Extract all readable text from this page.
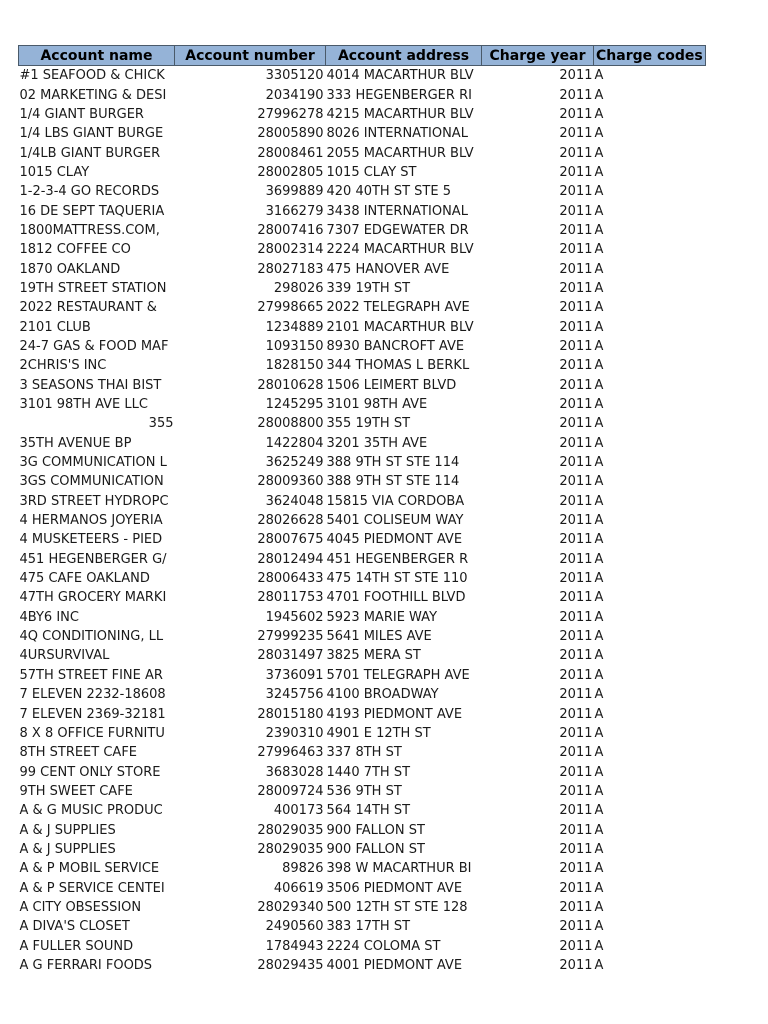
Account name	Account number	Account address	Charge year	Charge codes
#1 SEAFOOD & CHICK	3305120	4014 MACARTHUR BLV	2011	A
02 MARKETING & DESI	2034190	333 HEGENBERGER RI	2011	A
1/4 GIANT BURGER	27996278	4215 MACARTHUR BLV	2011	A
1/4 LBS GIANT BURGE	28005890	8026 INTERNATIONAL	2011	A
1/4LB GIANT BURGER	28008461	2055 MACARTHUR BLV	2011	A
1015 CLAY	28002805	1015 CLAY ST	2011	A
1-2-3-4 GO RECORDS	3699889	420 40TH ST STE 5	2011	A
16 DE SEPT TAQUERIA	3166279	3438 INTERNATIONAL	2011	A
1800MATTRESS.COM,	28007416	7307 EDGEWATER DR	2011	A
1812 COFFEE CO	28002314	2224 MACARTHUR BLV	2011	A
1870 OAKLAND	28027183	475 HANOVER AVE	2011	A
19TH STREET STATION	298026	339 19TH ST	2011	A
2022 RESTAURANT &	27998665	2022 TELEGRAPH AVE	2011	A
2101 CLUB	1234889	2101 MACARTHUR BLV	2011	A
24-7 GAS & FOOD MAF	1093150	8930 BANCROFT AVE	2011	A
2CHRIS'S INC	1828150	344 THOMAS L BERKL	2011	A
3 SEASONS THAI BIST	28010628	1506 LEIMERT BLVD	2011	A
3101 98TH AVE LLC	1245295	3101 98TH AVE	2011	A
355	28008800	355 19TH ST	2011	A
35TH AVENUE BP	1422804	3201 35TH AVE	2011	A
3G COMMUNICATION L	3625249	388 9TH ST STE 114	2011	A
3GS COMMUNICATION	28009360	388 9TH ST STE 114	2011	A
3RD STREET HYDROPC	3624048	15815 VIA CORDOBA	2011	A
4 HERMANOS JOYERIA	28026628	5401 COLISEUM WAY	2011	A
4 MUSKETEERS - PIED	28007675	4045 PIEDMONT AVE	2011	A
451 HEGENBERGER G/	28012494	451 HEGENBERGER R	2011	A
475 CAFE OAKLAND	28006433	475 14TH ST STE 110	2011	A
47TH GROCERY MARKI	28011753	4701 FOOTHILL BLVD	2011	A
4BY6 INC	1945602	5923 MARIE WAY	2011	A
4Q CONDITIONING, LL	27999235	5641 MILES AVE	2011	A
4URSURVIVAL	28031497	3825 MERA ST	2011	A
57TH STREET FINE AR	3736091	5701 TELEGRAPH AVE	2011	A
7 ELEVEN 2232-18608	3245756	4100 BROADWAY	2011	A
7 ELEVEN 2369-32181	28015180	4193 PIEDMONT AVE	2011	A
8 X 8 OFFICE FURNITU	2390310	4901 E 12TH ST	2011	A
8TH STREET CAFE	27996463	337 8TH ST	2011	A
99 CENT ONLY STORE	3683028	1440 7TH ST	2011	A
9TH SWEET CAFE	28009724	536 9TH ST	2011	A
A & G MUSIC PRODUC	400173	564 14TH ST	2011	A
A & J SUPPLIES	28029035	900 FALLON ST	2011	A
A & J SUPPLIES	28029035	900 FALLON ST	2011	A
A & P MOBIL SERVICE	89826	398 W MACARTHUR BI	2011	A
A & P SERVICE CENTEI	406619	3506 PIEDMONT AVE	2011	A
A CITY OBSESSION	28029340	500 12TH ST STE 128	2011	A
A DIVA'S CLOSET	2490560	383 17TH ST	2011	A
A FULLER SOUND	1784943	2224 COLOMA ST	2011	A
A G FERRARI FOODS	28029435	4001 PIEDMONT AVE	2011	A
